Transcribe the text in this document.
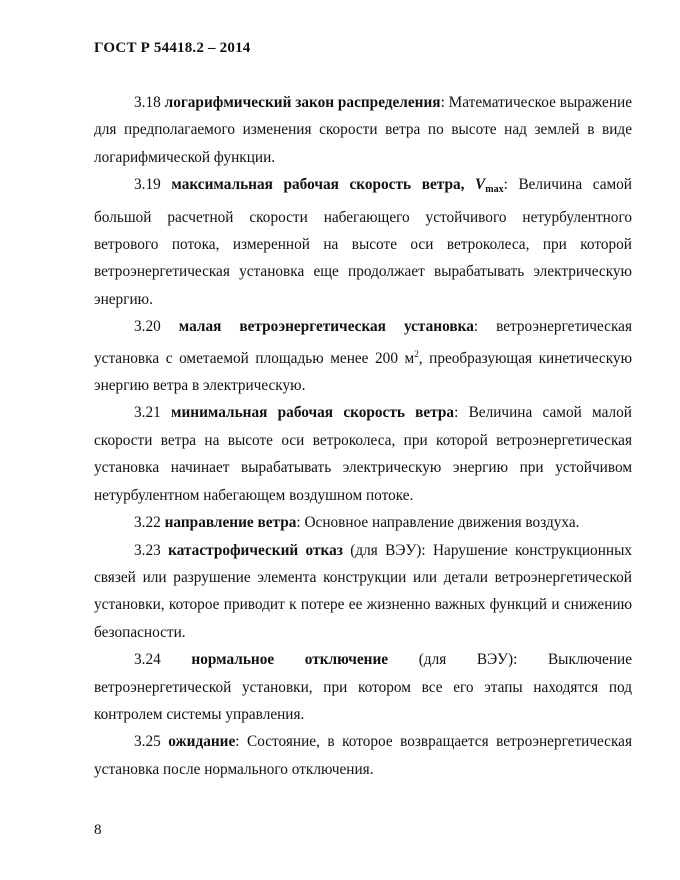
ГОСТ Р 54418.2 – 2014

3.18 логарифмический закон распределения: Математическое выражение для предполагаемого изменения скорости ветра по высоте над землей в виде логарифмической функции.

3.19 максимальная рабочая скорость ветра, Vmax: Величина самой большой расчетной скорости набегающего устойчивого нетурбулентного ветрового потока, измеренной на высоте оси ветроколеса, при которой ветроэнергетическая установка еще продолжает вырабатывать электрическую энергию.

3.20 малая ветроэнергетическая установка: ветроэнергетическая установка с ометаемой площадью менее 200 $м^2$, преобразующая кинетическую энергию ветра в электрическую.

3.21 минимальная рабочая скорость ветра: Величина самой малой скорости ветра на высоте оси ветроколеса, при которой ветроэнергетическая установка начинает вырабатывать электрическую энергию при устойчивом нетурбулентном набегающем воздушном потоке.

3.22 направление ветра: Основное направление движения воздуха.

3.23 катастрофический отказ (для ВЭУ): Нарушение конструкционных связей или разрушение элемента конструкции или детали ветроэнергетической установки, которое приводит к потере ее жизненно важных функций и снижению безопасности.

3.24 нормальное отключение (для ВЭУ): Выключение ветроэнергетической установки, при котором все его этапы находятся под контролем системы управления.

3.25 ожидание: Состояние, в которое возвращается ветроэнергетическая установка после нормального отключения.

8
